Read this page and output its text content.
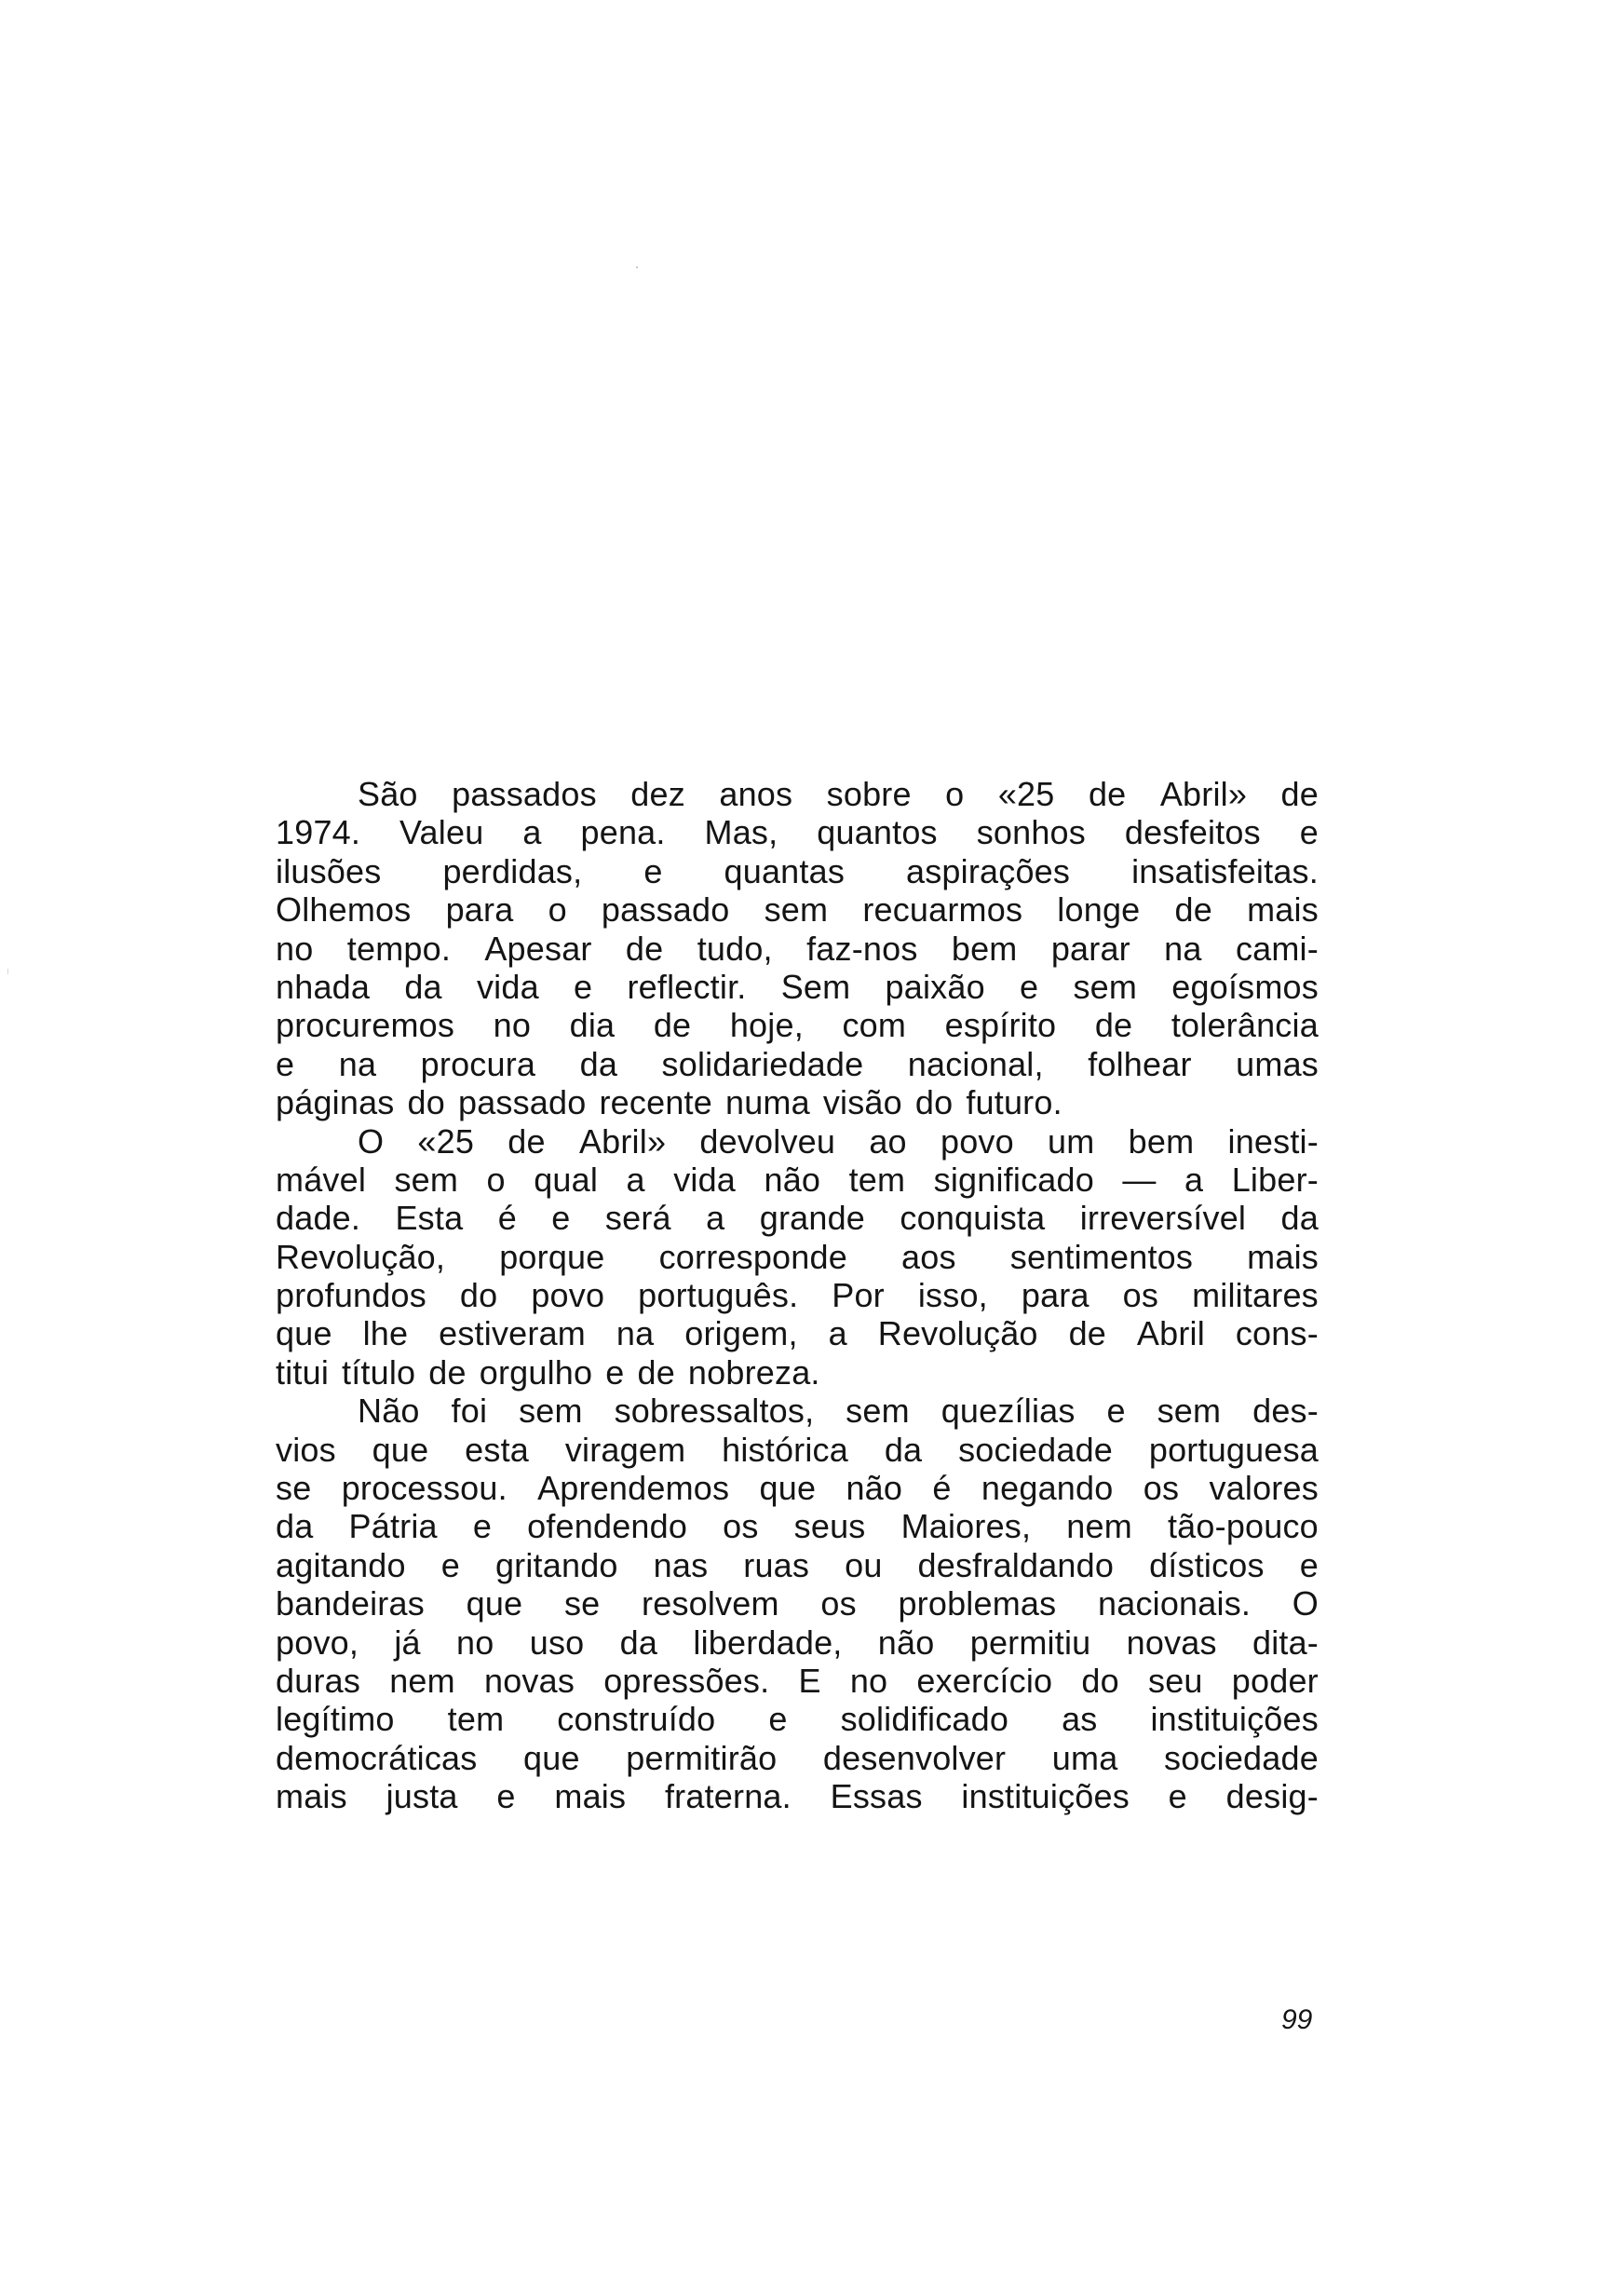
São passados dez anos sobre o «25 de Abril» de
1974. Valeu a pena. Mas, quantos sonhos desfeitos e
ilusões perdidas, e quantas aspirações insatisfeitas.
Olhemos para o passado sem recuarmos longe de mais
no tempo. Apesar de tudo, faz-nos bem parar na cami-
nhada da vida e reflectir. Sem paixão e sem egoísmos
procuremos no dia de hoje, com espírito de tolerância
e na procura da solidariedade nacional, folhear umas
páginas do passado recente numa visão do futuro.
O «25 de Abril» devolveu ao povo um bem inesti-
mável sem o qual a vida não tem significado — a Liber-
dade. Esta é e será a grande conquista irreversível da
Revolução, porque corresponde aos sentimentos mais
profundos do povo português. Por isso, para os militares
que lhe estiveram na origem, a Revolução de Abril cons-
titui título de orgulho e de nobreza.
Não foi sem sobressaltos, sem quezílias e sem des-
vios que esta viragem histórica da sociedade portuguesa
se processou. Aprendemos que não é negando os valores
da Pátria e ofendendo os seus Maiores, nem tão-pouco
agitando e gritando nas ruas ou desfraldando dísticos e
bandeiras que se resolvem os problemas nacionais. O
povo, já no uso da liberdade, não permitiu novas dita-
duras nem novas opressões. E no exercício do seu poder
legítimo tem construído e solidificado as instituições
democráticas que permitirão desenvolver uma sociedade
mais justa e mais fraterna. Essas instituições e desig-
99
